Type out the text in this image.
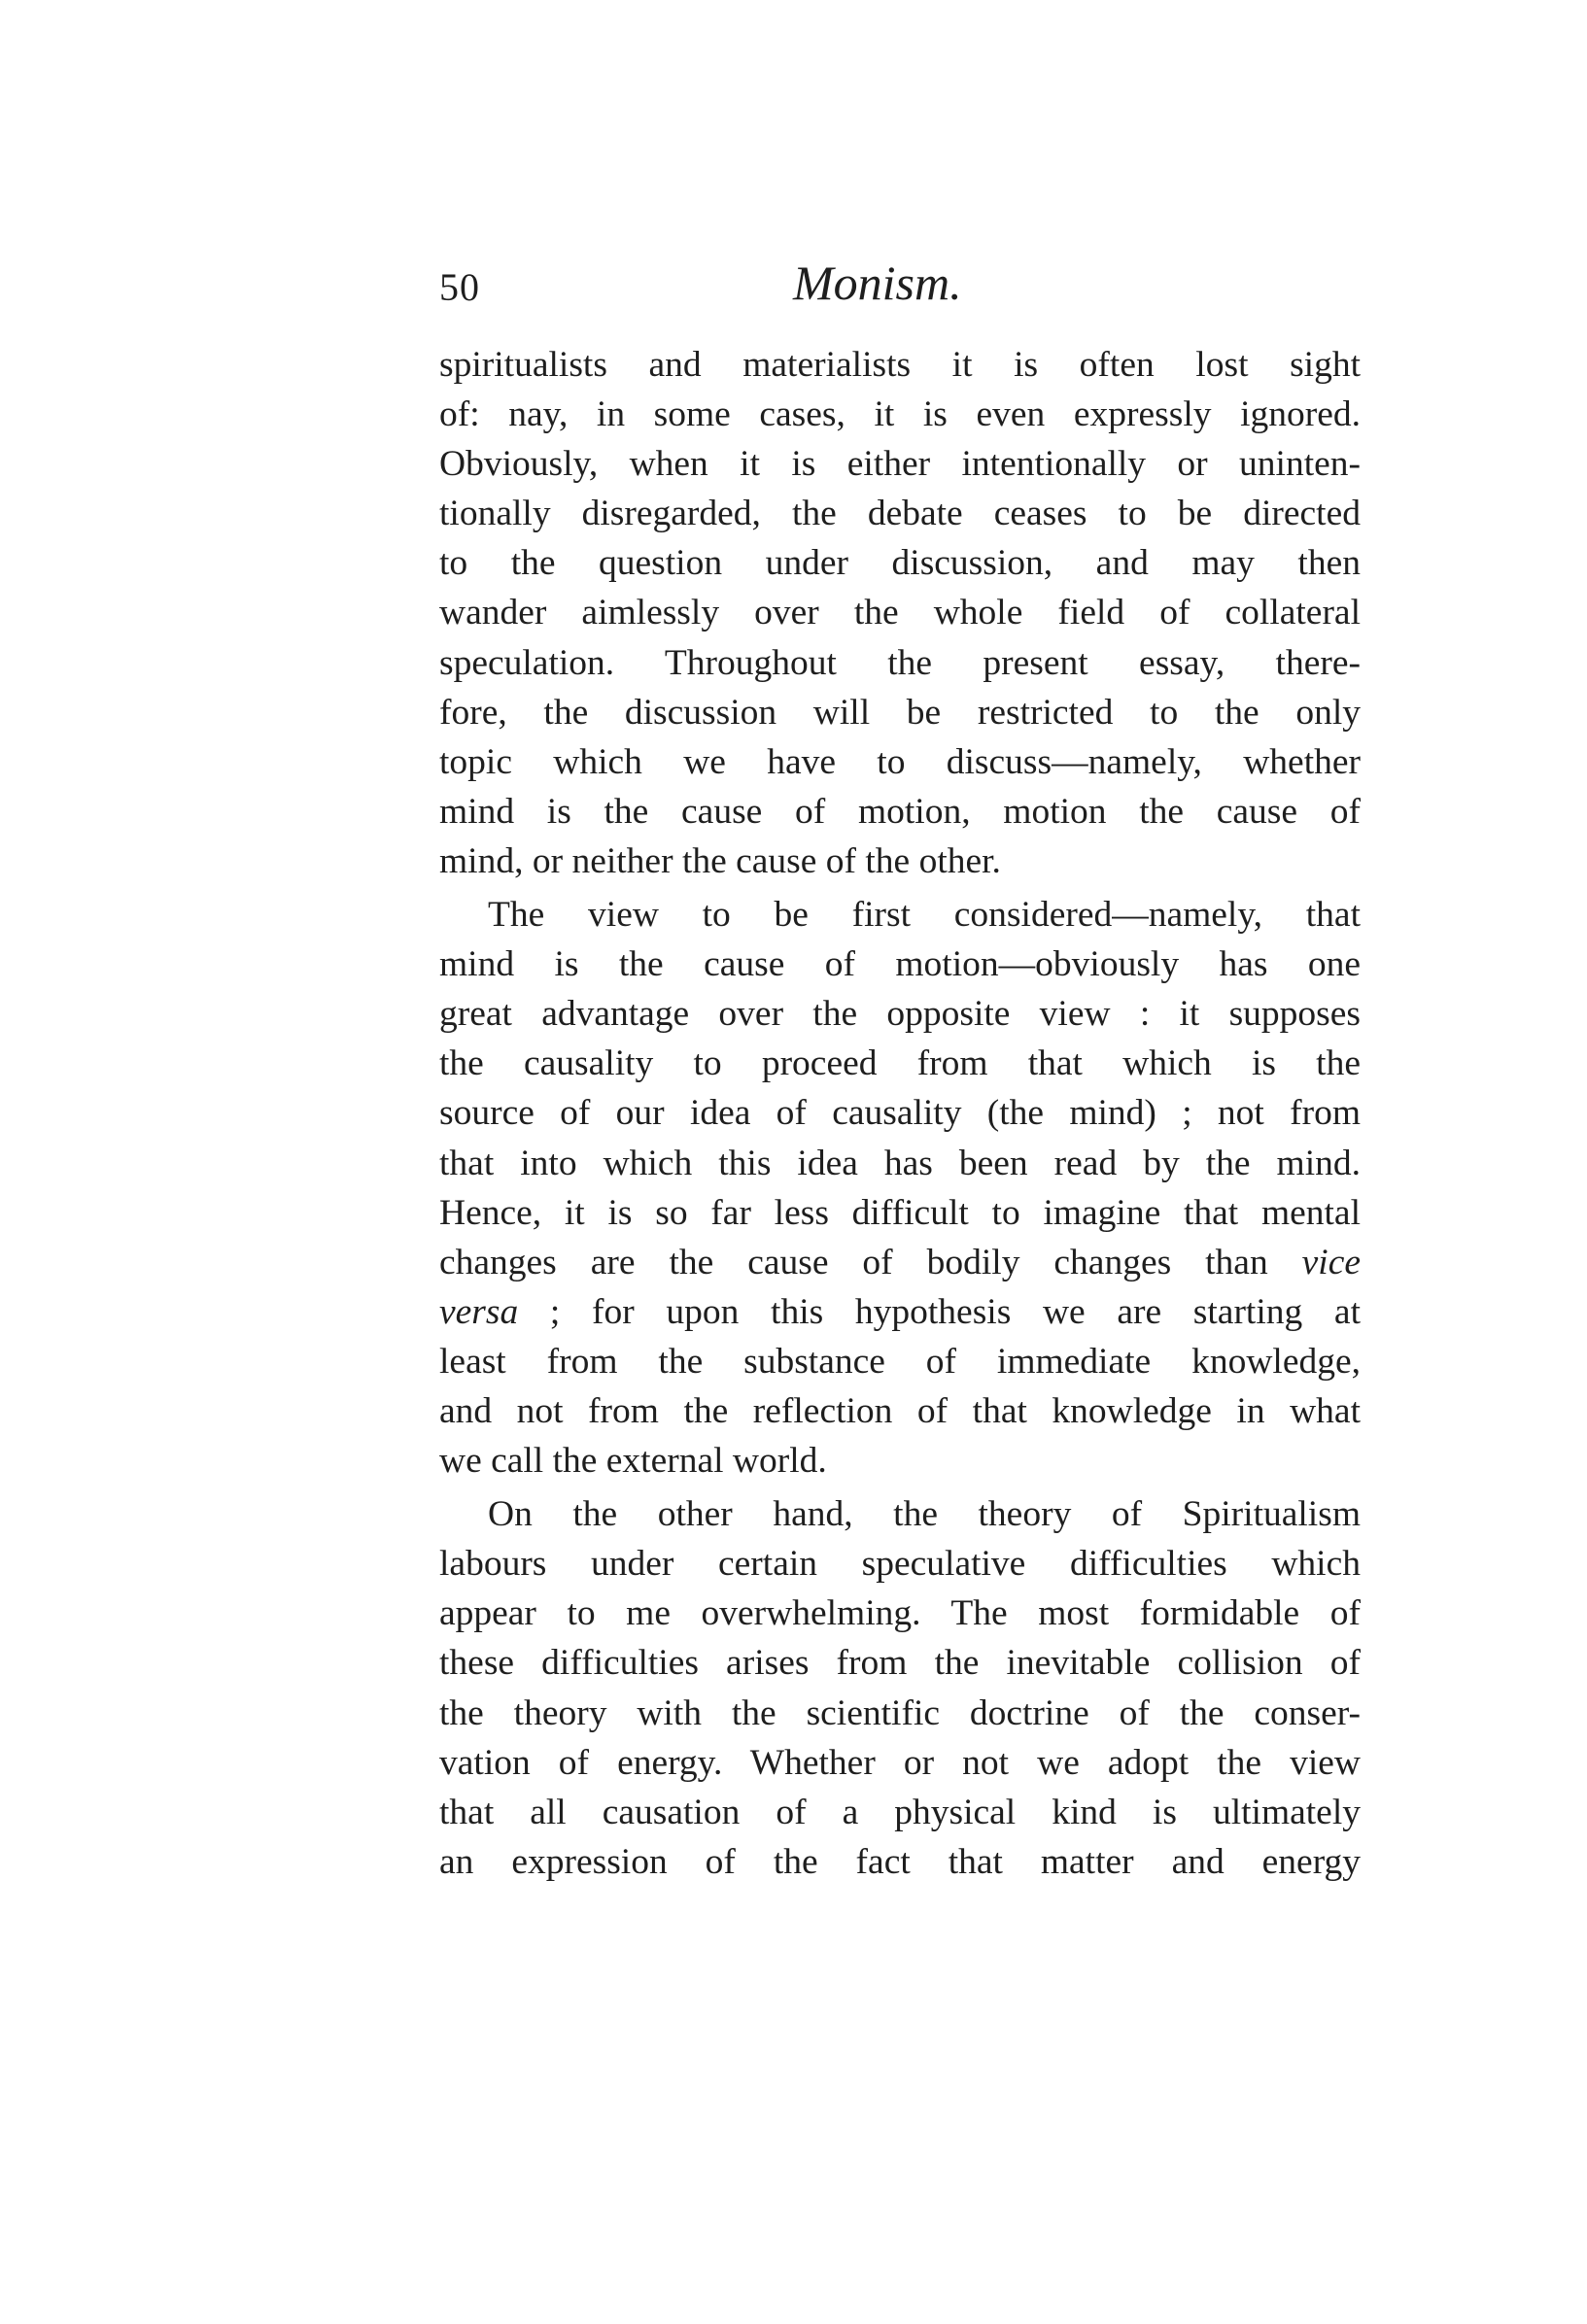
50	Monism.
spiritualists and materialists it is often lost sight
of: nay, in some cases, it is even expressly ignored.
Obviously, when it is either intentionally or uninten-
tionally disregarded, the debate ceases to be directed
to the question under discussion, and may then
wander aimlessly over the whole field of collateral
speculation. Throughout the present essay, there-
fore, the discussion will be restricted to the only
topic which we have to discuss—namely, whether
mind is the cause of motion, motion the cause of
mind, or neither the cause of the other.
The view to be first considered—namely, that
mind is the cause of motion—obviously has one
great advantage over the opposite view : it supposes
the causality to proceed from that which is the
source of our idea of causality (the mind) ; not from
that into which this idea has been read by the mind.
Hence, it is so far less difficult to imagine that mental
changes are the cause of bodily changes than vice
versa ; for upon this hypothesis we are starting at
least from the substance of immediate knowledge,
and not from the reflection of that knowledge in what
we call the external world.
On the other hand, the theory of Spiritualism
labours under certain speculative difficulties which
appear to me overwhelming. The most formidable of
these difficulties arises from the inevitable collision of
the theory with the scientific doctrine of the conser-
vation of energy. Whether or not we adopt the view
that all causation of a physical kind is ultimately
an expression of the fact that matter and energy
